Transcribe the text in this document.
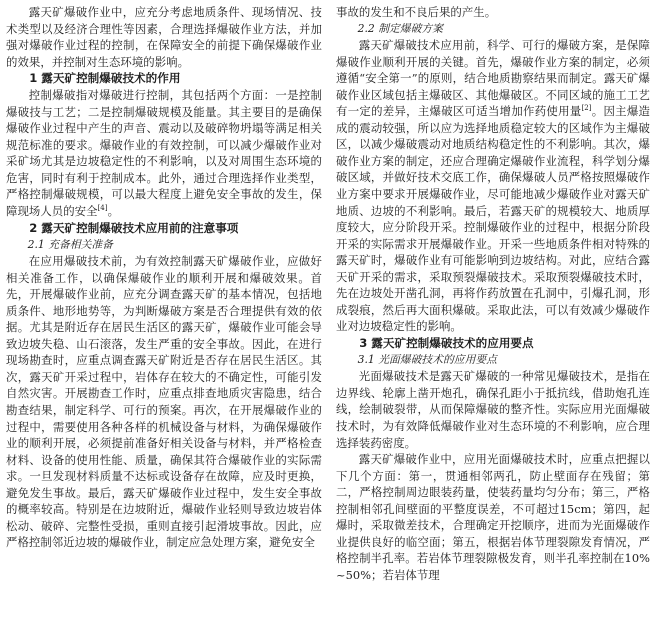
露天矿爆破作业中，应充分考虑地质条件、现场情况、技术类型以及经济合理性等因素，合理选择爆破作业方法，并加强对爆破作业过程的控制，在保障安全的前提下确保爆破作业的效果，并控制对生态环境的影响。

1 露天矿控制爆破技术的作用

控制爆破指对爆破进行控制，其包括两个方面：一是控制爆破技与工艺；二是控制爆破规模及能量。其主要目的是确保爆破作业过程中产生的声音、震动以及破碎物坍塌等满足相关规范标准的要求。爆破作业的有效控制，可以减少爆破作业对采矿场尤其是边坡稳定性的不利影响，以及对周围生态环境的危害，同时有利于控制成本。此外，通过合理选择作业类型，严格控制爆破规模，可以最大程度上避免安全事故的发生，保障现场人员的安全[4]。

2 露天矿控制爆破技术应用前的注意事项
2.1 充备相关准备

在应用爆破技术前，为有效控制露天矿爆破作业，应做好相关准备工作，以确保爆破作业的顺利开展和爆破效果。首先，开展爆破作业前，应充分调查露天矿的基本情况，包括地质条件、地形地势等，为判断爆破方案是否合理提供有效的依据。尤其是附近存在居民生活区的露天矿，爆破作业可能会导致边坡失稳、山石滚落，发生严重的安全事故。因此，在进行现场勘查时，应重点调查露天矿附近是否存在居民生活区。其次，露天矿开采过程中，岩体存在较大的不确定性，可能引发自然灾害。开展勘查工作时，应重点排查地质灾害隐患，结合勘查结果，制定科学、可行的预案。再次，在开展爆破作业的过程中，需要使用各种各样的机械设备与材料，为确保爆破作业的顺利开展，必须提前准备好相关设备与材料，并严格检查材料、设备的使用性能、质量，确保其符合爆破作业的实际需求。一旦发现材料质量不达标或设备存在故障，应及时更换，避免发生事故。最后，露天矿爆破作业过程中，发生安全事故的概率较高。特别是在边坡附近，爆破作业轻则导致边坡岩体松动、破碎、完整性受损，重则直接引起滑坡事故。因此，应严格控制邻近边坡的爆破作业，制定应急处理方案，避免安全

事故的发生和不良后果的产生。

2.2 制定爆破方案

露天矿爆破技术应用前，科学、可行的爆破方案，是保障爆破作业顺利开展的关键。首先，爆破作业方案的制定，必须遵循“安全第一”的原则，结合地质勘察结果而制定。露天矿爆破作业区域包括主爆破区、其他爆破区。不同区域的施工工艺有一定的差异，主爆破区可适当增加作药使用量[2]。因主爆造成的震动较强，所以应为选择地质稳定较大的区域作为主爆破区，以减少爆破震动对地质结构稳定性的不利影响。其次，爆破作业方案的制定，还应合理确定爆破作业流程，科学划分爆破区域，并做好技术交底工作，确保爆破人员严格按照爆破作业方案中要求开展爆破作业，尽可能地减少爆破作业对露天矿地质、边坡的不利影响。最后，若露天矿的规模较大、地质厚度较大，应分阶段开采。控制爆破作业的过程中，根据分阶段开采的实际需求开展爆破作业。开采一些地质条件相对特殊的露天矿时，爆破作业有可能影响到边坡结构。对此，应结合露天矿开采的需求，采取预裂爆破技术。采取预裂爆破技术时，先在边坡处开凿孔洞，再将作药放置在孔洞中，引爆孔洞，形成裂痕，然后再大面积爆破。采取此法，可以有效减少爆破作业对边坡稳定性的影响。

3 露天矿控制爆破技术的应用要点
3.1 光面爆破技术的应用要点

光面爆破技术是露天矿爆破的一种常见爆破技术，是指在边界线、轮廓上凿开炮孔，确保孔距小于抵抗线，借助炮孔连线，绘制破裂带，从而保障爆破的整齐性。实际应用光面爆破技术时，为有效降低爆破作业对生态环境的不利影响，应合理选择装药密度。

露天矿爆破作业中，应用光面爆破技术时，应重点把握以下几个方面：第一，贯通相邻两孔，防止壁面存在残留；第二，严格控制周边眼装药量，使装药量均匀分布；第三，严格控制相邻孔间壁面的平整度误差，不可超过15cm；第四，起爆时，采取微差技术，合理确定开挖顺序，进而为光面爆破作业提供良好的临空面；第五，根据岩体节理裂隙发育情况，严格控制半孔率。若岩体节理裂隙极发育，则半孔率控制在10% ~50%；若岩体节理
